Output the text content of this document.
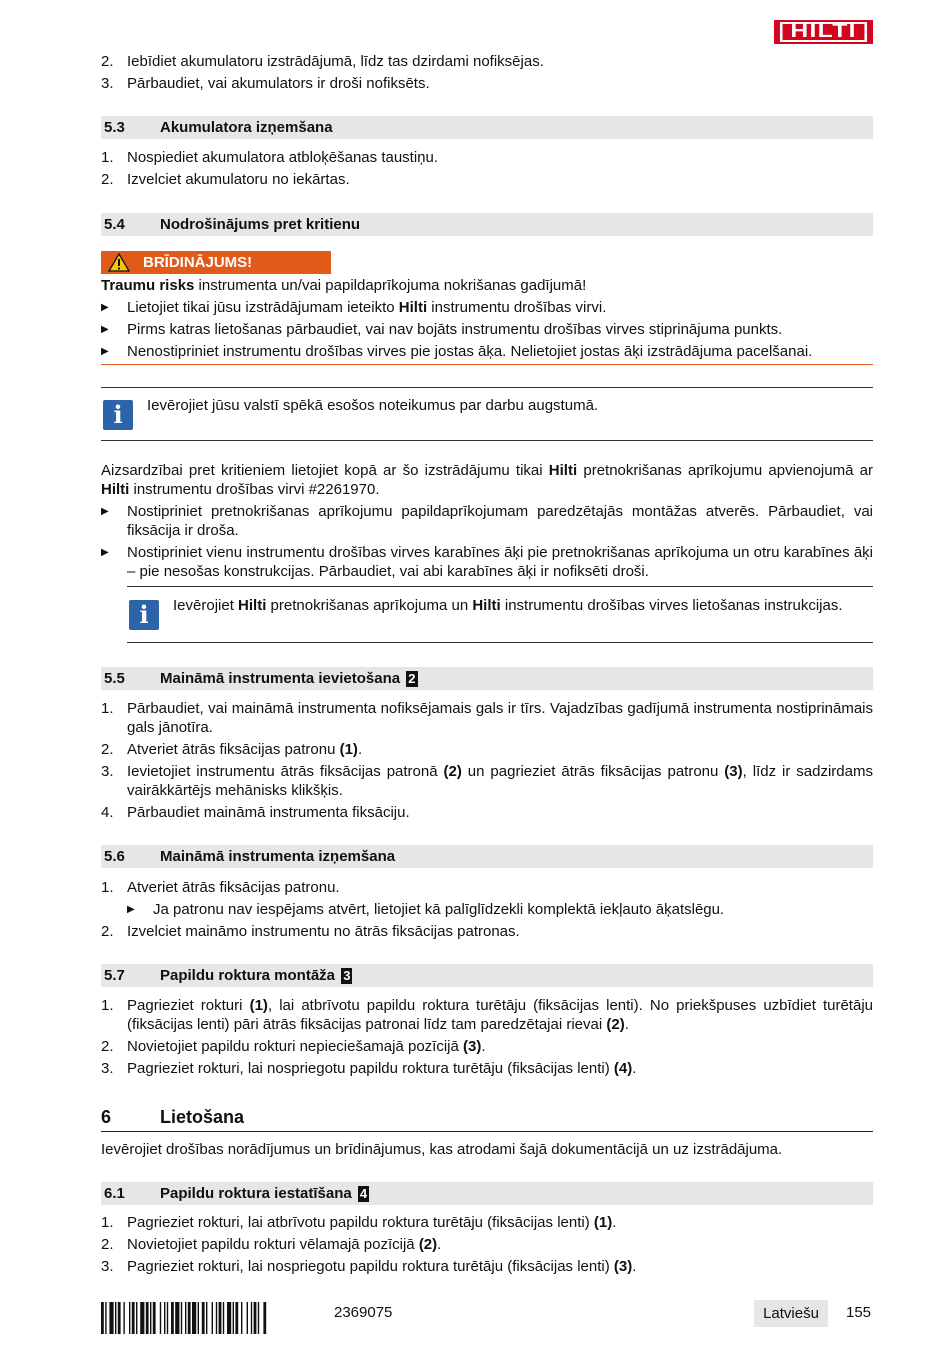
HILTI
2. Iebīdiet akumulatoru izstrādājumā, līdz tas dzirdami nofiksējas.
3. Pārbaudiet, vai akumulators ir droši nofiksēts.
5.3 Akumulatora izņemšana
1. Nospiediet akumulatora atbloķēšanas taustiņu.
2. Izvelciet akumulatoru no iekārtas.
5.4 Nodrošinājums pret kritienu
BRĪDINĀJUMS!
Traumu risks instrumenta un/vai papildaprīkojuma nokrišanas gadījumā!
▶ Lietojiet tikai jūsu izstrādājumam ieteikto Hilti instrumentu drošības virvi.
▶ Pirms katras lietošanas pārbaudiet, vai nav bojāts instrumentu drošības virves stiprinājuma punkts.
▶ Nenostipriniet instrumentu drošības virves pie jostas āķa. Nelietojiet jostas āķi izstrādājuma pacelšanai.
i	Ievērojiet jūsu valstī spēkā esošos noteikumus par darbu augstumā.
Aizsardzībai pret kritieniem lietojiet kopā ar šo izstrādājumu tikai Hilti pretnokrišanas aprīkojumu apvienojumā ar Hilti instrumentu drošības virvi #2261970.
▶ Nostipriniet pretnokrišanas aprīkojumu papildaprīkojumam paredzētajās montāžas atverēs. Pārbaudiet, vai fiksācija ir droša.
▶ Nostipriniet vienu instrumentu drošības virves karabīnes āķi pie pretnokrišanas aprīkojuma un otru karabīnes āķi – pie nesošas konstrukcijas. Pārbaudiet, vai abi karabīnes āķi ir nofiksēti droši.
i	Ievērojiet Hilti pretnokrišanas aprīkojuma un Hilti instrumentu drošības virves lietošanas instrukcijas.
5.5 Maināmā instrumenta ievietošana 2
1. Pārbaudiet, vai maināmā instrumenta nofiksējamais gals ir tīrs. Vajadzības gadījumā instrumenta nostiprināmais gals jānotīra.
2. Atveriet ātrās fiksācijas patronu (1).
3. Ievietojiet instrumentu ātrās fiksācijas patronā (2) un pagrieziet ātrās fiksācijas patronu (3), līdz ir sadzirdams vairākkārtējs mehānisks klikšķis.
4. Pārbaudiet maināmā instrumenta fiksāciju.
5.6 Maināmā instrumenta izņemšana
1. Atveriet ātrās fiksācijas patronu.
▶ Ja patronu nav iespējams atvērt, lietojiet kā palīglīdzekli komplektā iekļauto āķatslēgu.
2. Izvelciet maināmo instrumentu no ātrās fiksācijas patronas.
5.7 Papildu roktura montāža 3
1. Pagrieziet rokturi (1), lai atbrīvotu papildu roktura turētāju (fiksācijas lenti). No priekšpuses uzbīdiet turētāju (fiksācijas lenti) pāri ātrās fiksācijas patronai līdz tam paredzētajai rievai (2).
2. Novietojiet papildu rokturi nepieciešamajā pozīcijā (3).
3. Pagrieziet rokturi, lai nospriegotu papildu roktura turētāju (fiksācijas lenti) (4).
6	Lietošana
Ievērojiet drošības norādījumus un brīdinājumus, kas atrodami šajā dokumentācijā un uz izstrādājuma.
6.1 Papildu roktura iestatīšana 4
1. Pagrieziet rokturi, lai atbrīvotu papildu roktura turētāju (fiksācijas lenti) (1).
2. Novietojiet papildu rokturi vēlamajā pozīcijā (2).
3. Pagrieziet rokturi, lai nospriegotu papildu roktura turētāju (fiksācijas lenti) (3).
2369075	Latviešu	155
